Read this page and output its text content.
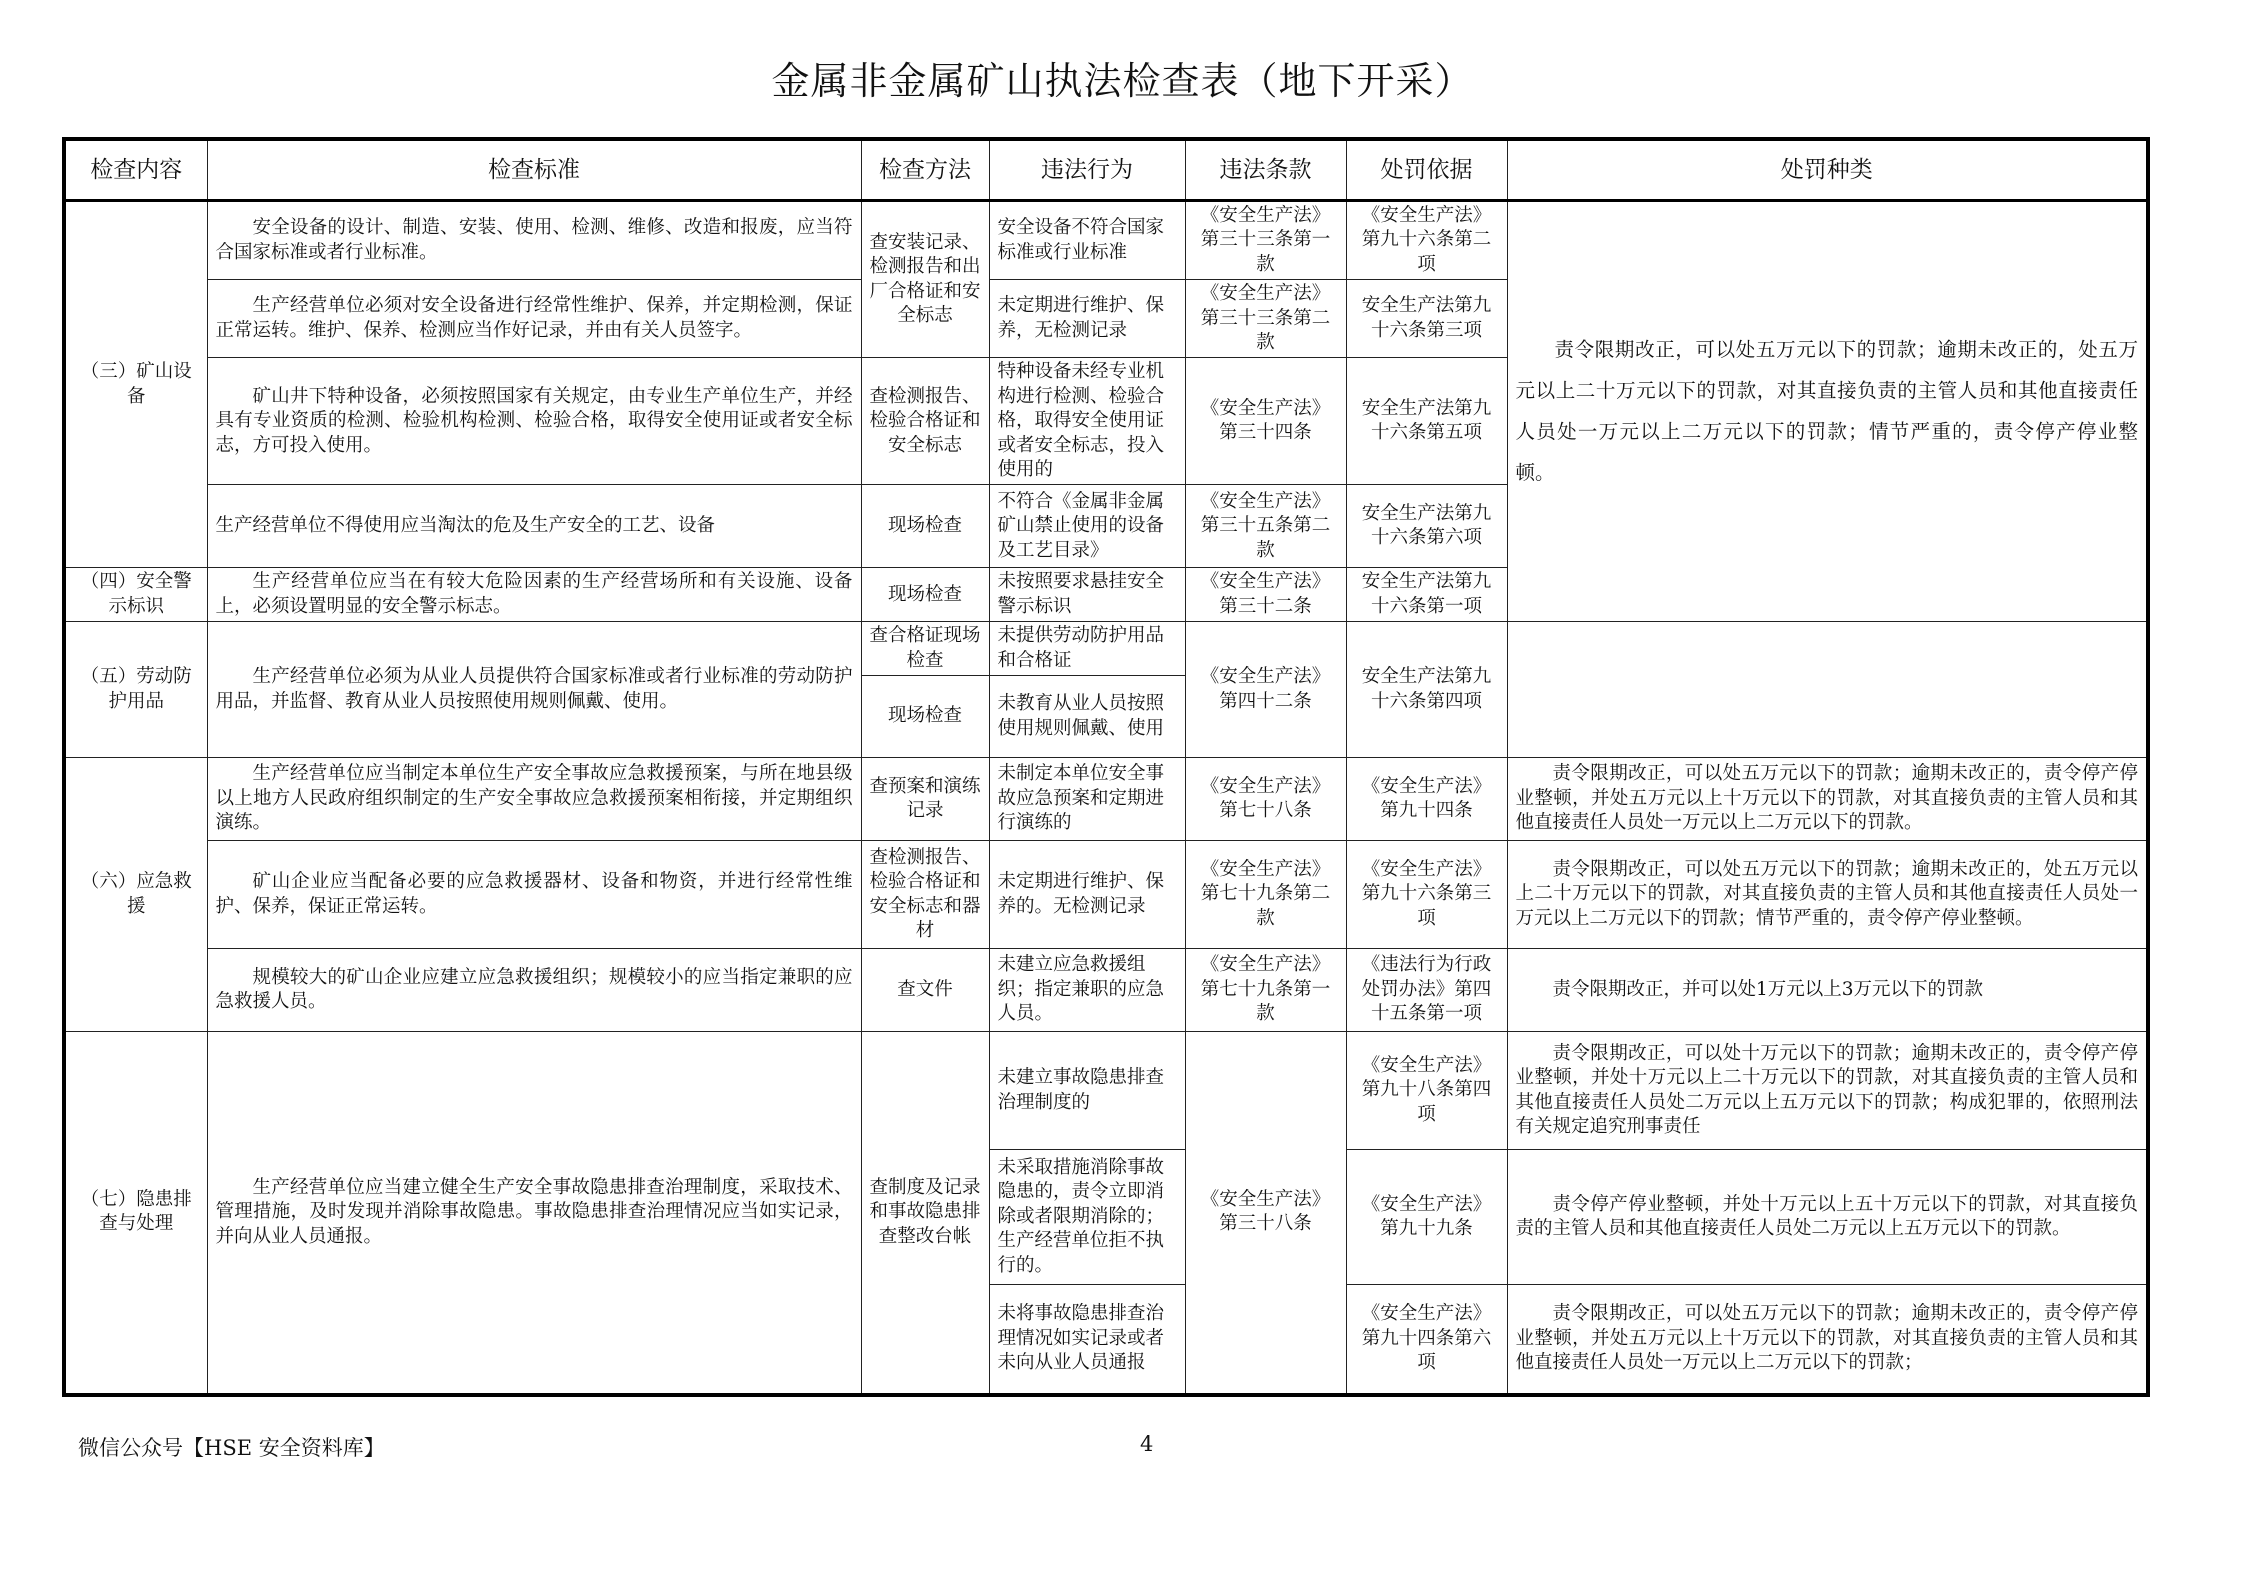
金属非金属矿山执法检查表（地下开采）
检查内容	检查标准	检查方法	违法行为	违法条款	处罚依据	处罚种类
（三）矿山设备	安全设备的设计、制造、安装、使用、检测、维修、改造和报废，应当符合国家标准或者行业标准。	查安装记录、检测报告和出厂合格证和安全标志	安全设备不符合国家标准或行业标准	《安全生产法》第三十三条第一款	《安全生产法》第九十六条第二项	责令限期改正，可以处五万元以下的罚款；逾期未改正的，处五万元以上二十万元以下的罚款，对其直接负责的主管人员和其他直接责任人员处一万元以上二万元以下的罚款；情节严重的，责令停产停业整顿。

	生产经营单位必须对安全设备进行经常性维护、保养，并定期检测，保证正常运转。维护、保养、检测应当作好记录，并由有关人员签字。		未定期进行维护、保养，无检测记录	《安全生产法》第三十三条第二款	安全生产法第九十六条第三项	

	矿山井下特种设备，必须按照国家有关规定，由专业生产单位生产，并经具有专业资质的检测、检验机构检测、检验合格，取得安全使用证或者安全标志，方可投入使用。	查检测报告、检验合格证和安全标志	特种设备未经专业机构进行检测、检验合格，取得安全使用证或者安全标志，投入使用的	《安全生产法》第三十四条	安全生产法第九十六条第五项	

	生产经营单位不得使用应当淘汰的危及生产安全的工艺、设备	现场检查	不符合《金属非金属矿山禁止使用的设备及工艺目录》	《安全生产法》第三十五条第二款	安全生产法第九十六条第六项	
（四）安全警示标识	生产经营单位应当在有较大危险因素的生产经营场所和有关设施、设备上，必须设置明显的安全警示标志。	现场检查	未按照要求悬挂安全警示标识	《安全生产法》第三十二条	安全生产法第九十六条第一项	
（五）劳动防护用品	生产经营单位必须为从业人员提供符合国家标准或者行业标准的劳动防护用品，并监督、教育从业人员按照使用规则佩戴、使用。	查合格证现场检查	未提供劳动防护用品和合格证	《安全生产法》第四十二条	安全生产法第九十六条第四项	
		现场检查	未教育从业人员按照使用规则佩戴、使用			
（六）应急救援	生产经营单位应当制定本单位生产安全事故应急救援预案，与所在地县级以上地方人民政府组织制定的生产安全事故应急救援预案相衔接，并定期组织演练。	查预案和演练记录	未制定本单位安全事故应急预案和定期进行演练的	《安全生产法》第七十八条	《安全生产法》第九十四条	责令限期改正，可以处五万元以下的罚款；逾期未改正的，责令停产停业整顿，并处五万元以上十万元以下的罚款，对其直接负责的主管人员和其他直接责任人员处一万元以上二万元以下的罚款。

	矿山企业应当配备必要的应急救援器材、设备和物资，并进行经常性维护、保养，保证正常运转。	查检测报告、检验合格证和安全标志和器材	未定期进行维护、保养的。无检测记录	《安全生产法》第七十九条第二款	《安全生产法》第九十六条第三项	责令限期改正，可以处五万元以下的罚款；逾期未改正的，处五万元以上二十万元以下的罚款，对其直接负责的主管人员和其他直接责任人员处一万元以上二万元以下的罚款；情节严重的，责令停产停业整顿。

	规模较大的矿山企业应建立应急救援组织；规模较小的应当指定兼职的应急救援人员。	查文件	未建立应急救援组织；指定兼职的应急人员。	《安全生产法》第七十九条第一款	《违法行为行政处罚办法》第四十五条第一项	责令限期改正，并可以处1万元以上3万元以下的罚款

（七）隐患排查与处理	生产经营单位应当建立健全生产安全事故隐患排查治理制度，采取技术、管理措施，及时发现并消除事故隐患。事故隐患排查治理情况应当如实记录，并向从业人员通报。	查制度及记录和事故隐患排查整改台帐	未建立事故隐患排查治理制度的	《安全生产法》第三十八条	《安全生产法》第九十八条第四项	责令限期改正，可以处十万元以下的罚款；逾期未改正的，责令停产停业整顿，并处十万元以上二十万元以下的罚款，对其直接负责的主管人员和其他直接责任人员处二万元以上五万元以下的罚款；构成犯罪的，依照刑法有关规定追究刑事责任

			未采取措施消除事故隐患的，责令立即消除或者限期消除的；生产经营单位拒不执行的。		《安全生产法》第九十九条	责令停产停业整顿，并处十万元以上五十万元以下的罚款，对其直接负责的主管人员和其他直接责任人员处二万元以上五万元以下的罚款。

			未将事故隐患排查治理情况如实记录或者未向从业人员通报		《安全生产法》第九十四条第六项	责令限期改正，可以处五万元以下的罚款；逾期未改正的，责令停产停业整顿，并处五万元以上十万元以下的罚款，对其直接负责的主管人员和其他直接责任人员处一万元以上二万元以下的罚款；
微信公众号【HSE 安全资料库】	4
